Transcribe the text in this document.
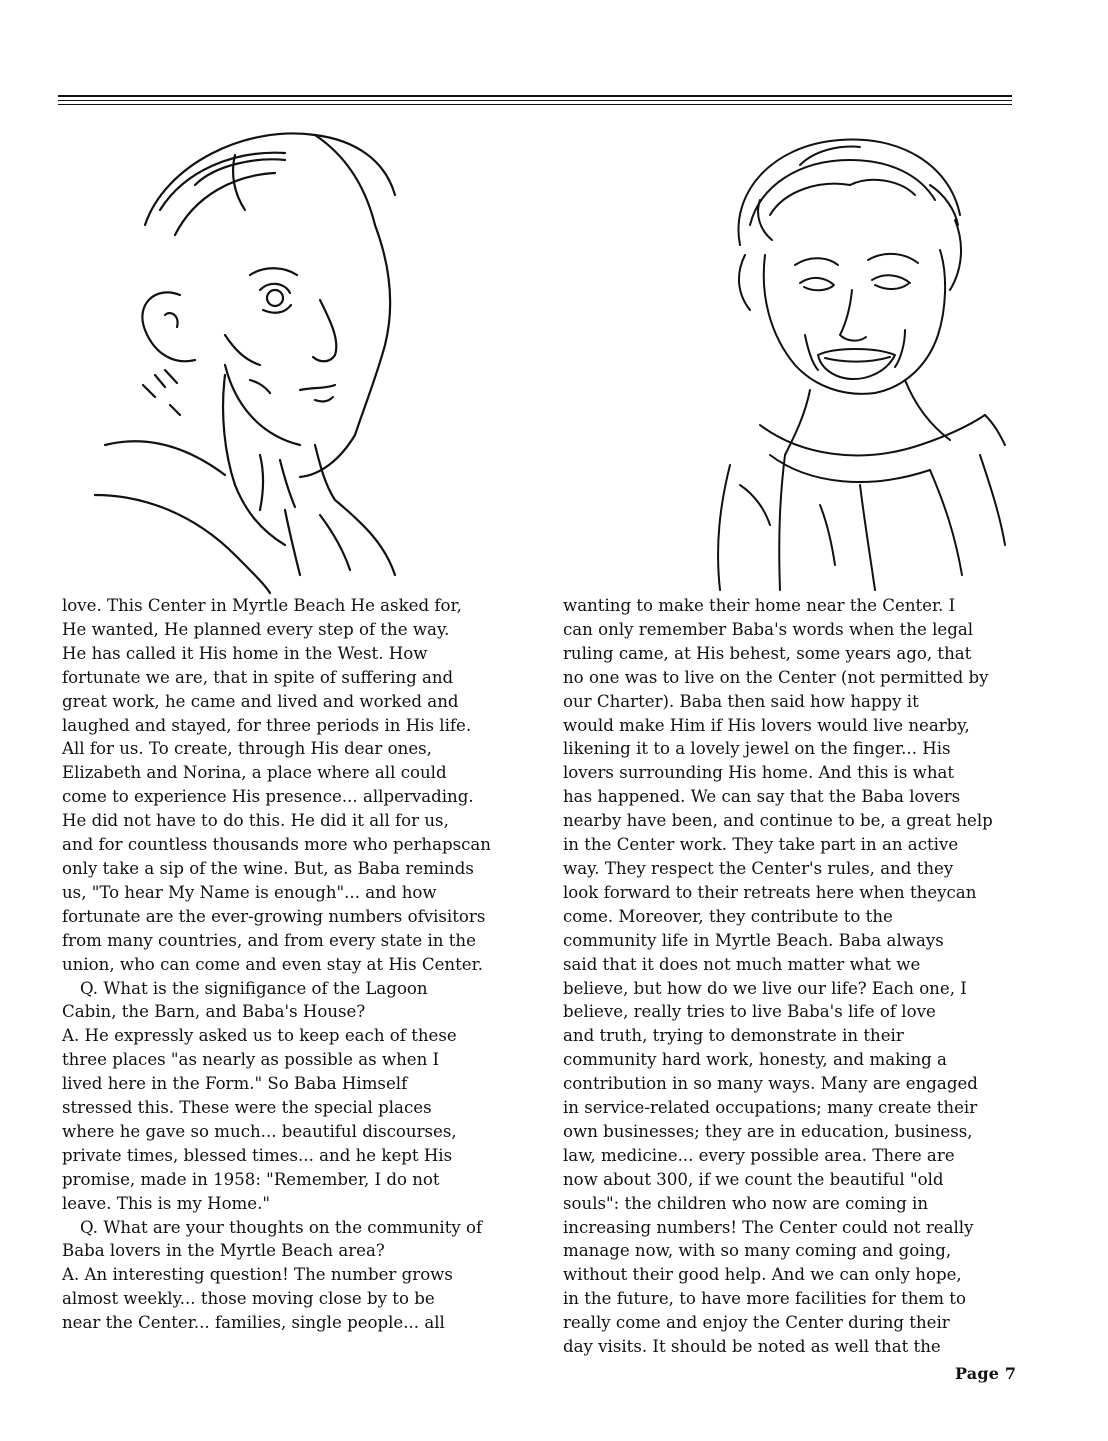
love. This Center in Myrtle Beach He asked for,
He wanted, He planned every step of the way.
He has called it His home in the West. How
fortunate we are, that in spite of suffering and
great work, he came and lived and worked and
laughed and stayed, for three periods in His life.
All for us. To create, through His dear ones,
Elizabeth and Norina, a place where all could
come to experience His presence... allpervading.
He did not have to do this. He did it all for us,
and for countless thousands more who perhapscan
only take a sip of the wine. But, as Baba reminds
us, "To hear My Name is enough"... and how
fortunate are the ever-growing numbers ofvisitors
from many countries, and from every state in the
union, who can come and even stay at His Center.
Q. What is the signifigance of the Lagoon
Cabin, the Barn, and Baba's House?
A. He expressly asked us to keep each of these
three places "as nearly as possible as when I
lived here in the Form." So Baba Himself
stressed this. These were the special places
where he gave so much... beautiful discourses,
private times, blessed times... and he kept His
promise, made in 1958: "Remember, I do not
leave. This is my Home."
Q. What are your thoughts on the community of
Baba lovers in the Myrtle Beach area?
A. An interesting question! The number grows
almost weekly... those moving close by to be
near the Center... families, single people... all
wanting to make their home near the Center. I
can only remember Baba's words when the legal
ruling came, at His behest, some years ago, that
no one was to live on the Center (not permitted by
our Charter). Baba then said how happy it
would make Him if His lovers would live nearby,
likening it to a lovely jewel on the finger... His
lovers surrounding His home. And this is what
has happened. We can say that the Baba lovers
nearby have been, and continue to be, a great help
in the Center work. They take part in an active
way. They respect the Center's rules, and they
look forward to their retreats here when theycan
come. Moreover, they contribute to the
community life in Myrtle Beach. Baba always
said that it does not much matter what we
believe, but how do we live our life? Each one, I
believe, really tries to live Baba's life of love
and truth, trying to demonstrate in their
community hard work, honesty, and making a
contribution in so many ways. Many are engaged
in service-related occupations; many create their
own businesses; they are in education, business,
law, medicine... every possible area. There are
now about 300, if we count the beautiful "old
souls": the children who now are coming in
increasing numbers! The Center could not really
manage now, with so many coming and going,
without their good help. And we can only hope,
in the future, to have more facilities for them to
really come and enjoy the Center during their
day visits. It should be noted as well that the
Page 7
